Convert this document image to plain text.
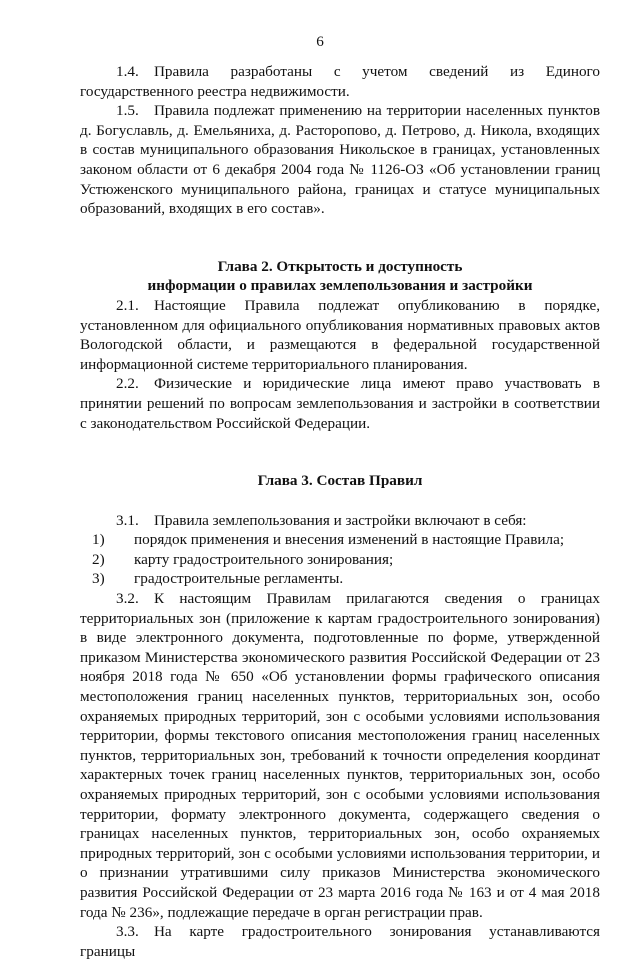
6

1.4. Правила разработаны с учетом сведений из Единого государственного реестра недвижимости.

1.5. Правила подлежат применению на территории населенных пунктов д. Богуславль, д. Емельяниха, д. Расторопово, д. Петрово, д. Никола, входящих в состав муниципального образования Никольское в границах, установленных законом области от 6 декабря 2004 года № 1126-ОЗ «Об установлении границ Устюженского муниципального района, границах и статусе муниципальных образований, входящих в его состав».

Глава 2. Открытость и доступность

информации о правилах землепользования и застройки

2.1. Настоящие Правила подлежат опубликованию в порядке, установленном для официального опубликования нормативных правовых актов Вологодской области, и размещаются в федеральной государственной информационной системе территориального планирования.

2.2. Физические и юридические лица имеют право участвовать в принятии решений по вопросам землепользования и застройки в соответствии с законодательством Российской Федерации.

Глава 3. Состав Правил

3.1. Правила землепользования и застройки включают в себя:

1)	порядок применения и внесения изменений в настоящие Правила;
2)	карту градостроительного зонирования;
3)	градостроительные регламенты.

3.2. К настоящим Правилам прилагаются сведения о границах территориальных зон (приложение к картам градостроительного зонирования) в виде электронного документа, подготовленные по форме, утвержденной приказом Министерства экономического развития Российской Федерации от 23 ноября 2018 года № 650 «Об установлении формы графического описания местоположения границ населенных пунктов, территориальных зон, особо охраняемых природных территорий, зон с особыми условиями использования территории, формы текстового описания местоположения границ населенных пунктов, территориальных зон, требований к точности определения координат характерных точек границ населенных пунктов, территориальных зон, особо охраняемых природных территорий, зон с особыми условиями использования территории, формату электронного документа, содержащего сведения о границах населенных пунктов, территориальных зон, особо охраняемых природных территорий, зон с особыми условиями использования территории, и о признании утратившими силу приказов Министерства экономического развития Российской Федерации от 23 марта 2016 года № 163 и от 4 мая 2018 года № 236», подлежащие передаче в орган регистрации прав.

3.3. На карте градостроительного зонирования устанавливаются границы
